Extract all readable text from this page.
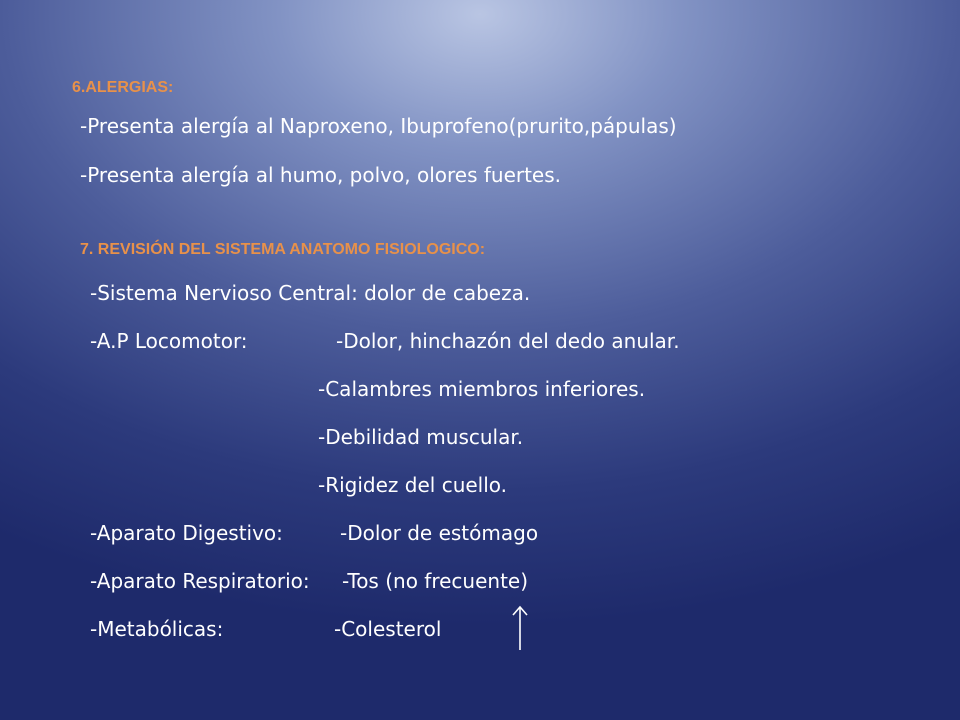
6.ALERGIAS:
-Presenta alergía al Naproxeno, Ibuprofeno(prurito,pápulas)
-Presenta alergía al humo, polvo, olores fuertes.
7. REVISIÓN DEL SISTEMA ANATOMO FISIOLOGICO:
-Sistema Nervioso Central: dolor de cabeza.
-A.P Locomotor:	-Dolor, hinchazón del dedo anular.
-Calambres miembros inferiores.
-Debilidad muscular.
-Rigidez del cuello.
-Aparato Digestivo:	-Dolor de estómago
-Aparato Respiratorio: -Tos (no frecuente)
-Metabólicas:	-Colesterol
